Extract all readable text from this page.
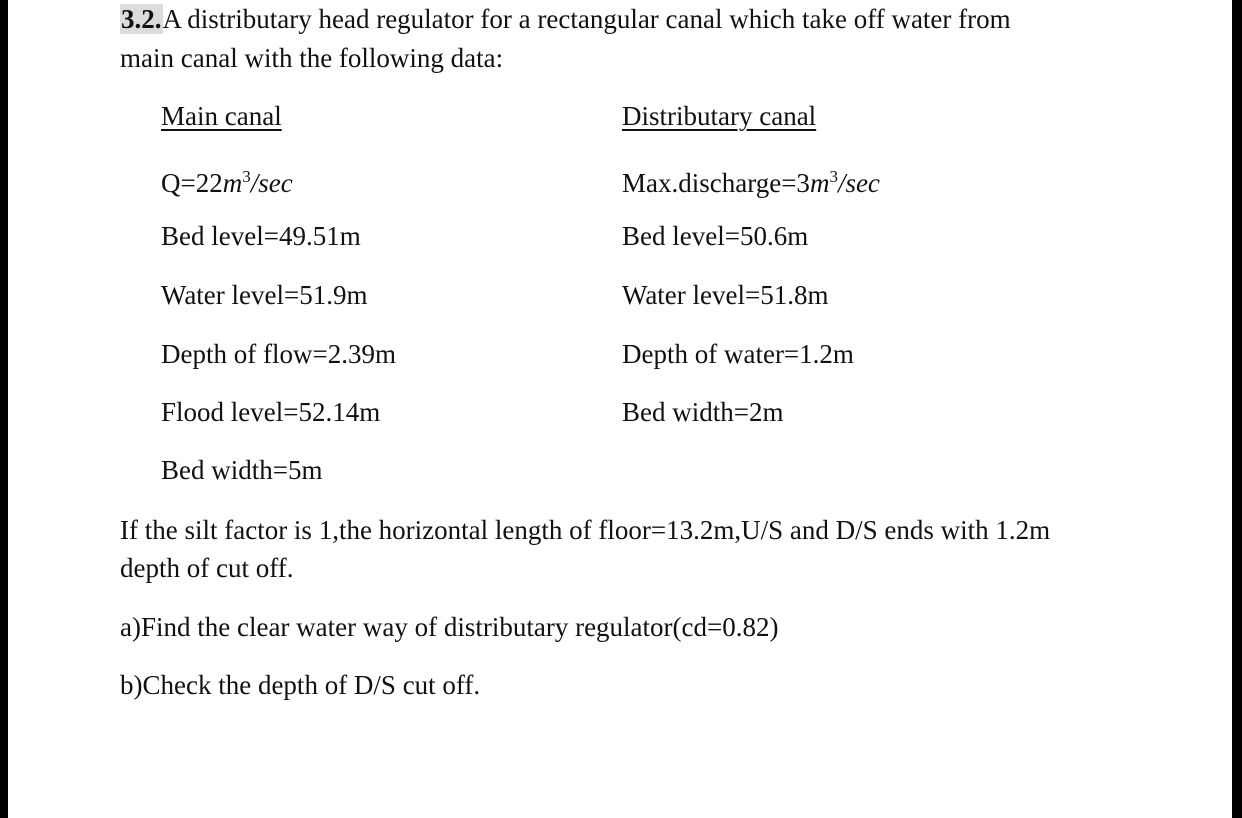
3.2.A distributary head regulator for a rectangular canal which take off water from
main canal with the following data:
Main canal
$Q=22m^3/\sec$
Bed level=49.51m
Water level=51.9m
Depth of flow=2.39m
Flood level=52.14m
Bed width=5m
Distributary canal
$Max.discharge=3m^3/\sec$
Bed level=50.6m
Water level=51.8m
Depth of water=1.2m
Bed width=2m
If the silt factor is 1,the horizontal length of floor=13.2m,U/S and D/S ends with 1.2m
depth of cut off.
a)Find the clear water way of distributary regulator(cd=0.82)
b)Check the depth of D/S cut off.
